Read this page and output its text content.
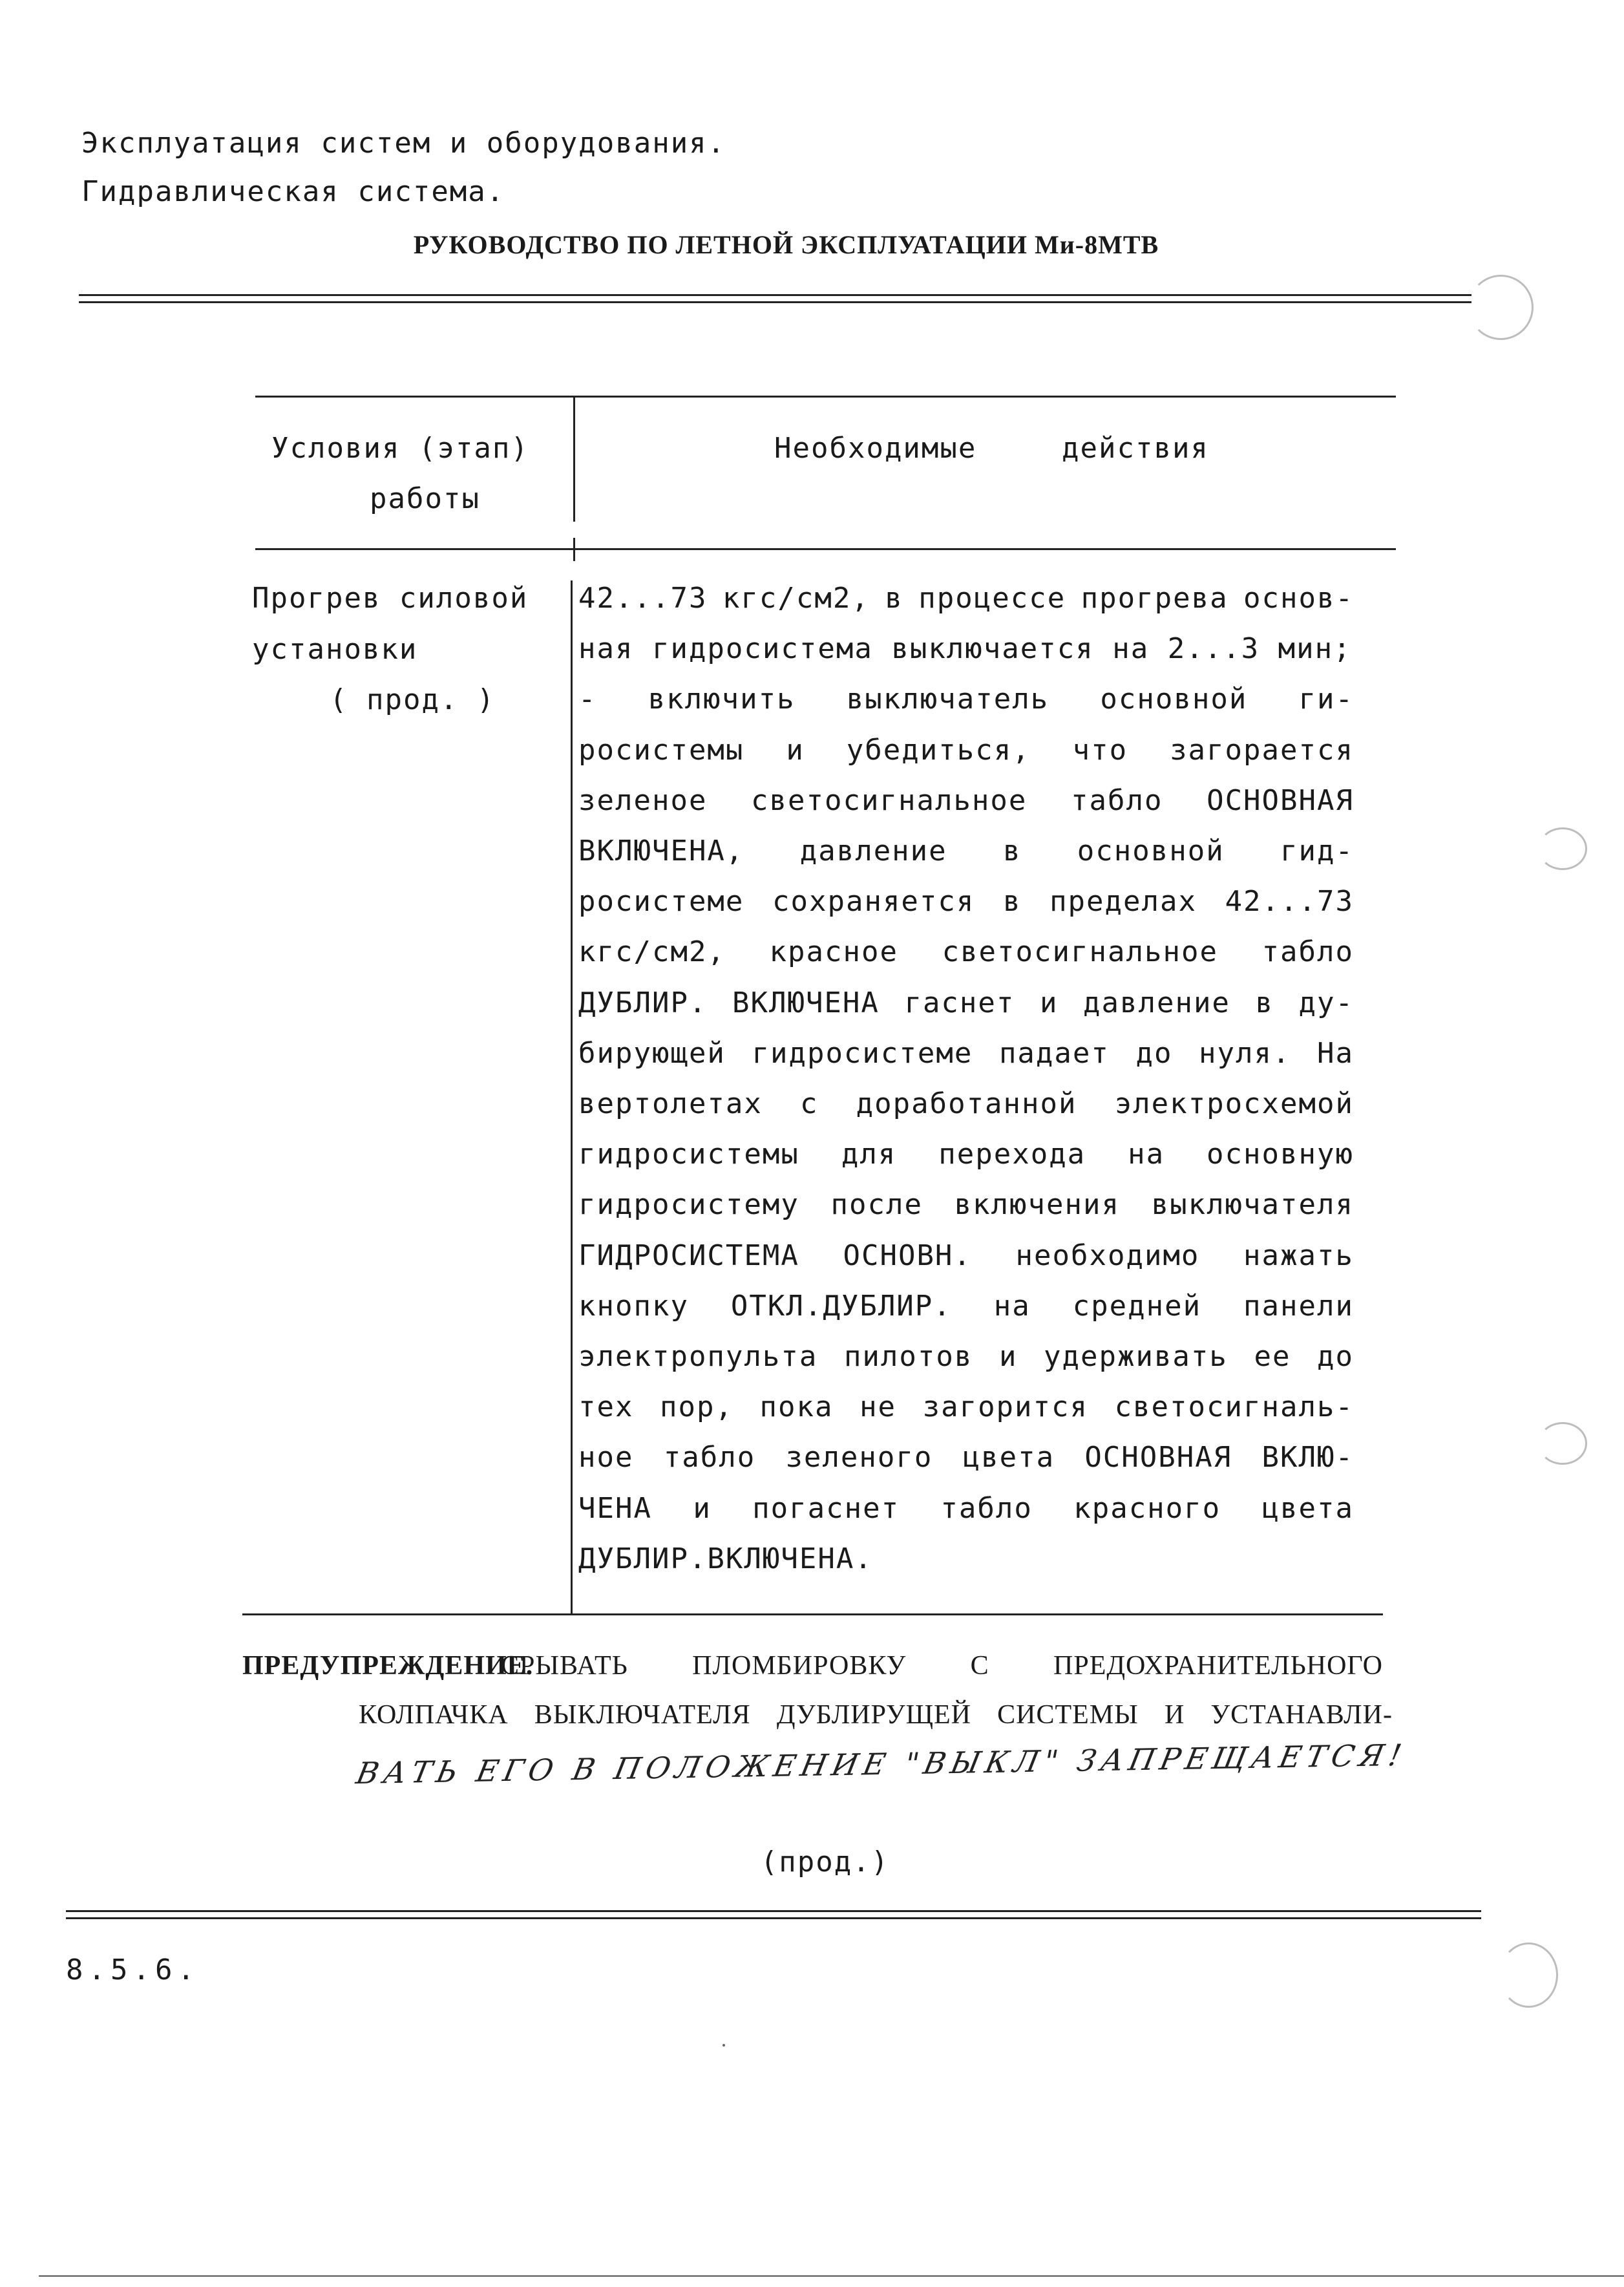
Эксплуатация систем и оборудования.
Гидравлическая система.
РУКОВОДСТВО ПО ЛЕТНОЙ ЭКСПЛУАТАЦИИ Ми-8МТВ
Условия (этап)
работы
Необходимые	действия
Прогрев силовой
установки
( прод. )
42...73 кгс/см2, в процессе прогрева основ-
ная гидросистема выключается на 2...3 мин;
- включить выключатель основной ги-
росистемы и убедиться, что загорается
зеленое светосигнальное табло ОСНОВНАЯ
ВКЛЮЧЕНА, давление в основной гид-
росистеме сохраняется в пределах 42...73
кгс/см2, красное светосигнальное табло
ДУБЛИР. ВКЛЮЧЕНА гаснет и давление в ду-
бирующей гидросистеме падает до нуля. На
вертолетах с доработанной электросхемой
гидросистемы для перехода на основную
гидросистему после включения выключателя
ГИДРОСИСТЕМА ОСНОВН. необходимо нажать
кнопку ОТКЛ.ДУБЛИР. на средней панели
электропульта пилотов и удерживать ее до
тех пор, пока не загорится светосигналь-
ное табло зеленого цвета ОСНОВНАЯ ВКЛЮ-
ЧЕНА и погаснет табло красного цвета
ДУБЛИР.ВКЛЮЧЕНА.
ПРЕДУПРЕЖДЕНИЕ.
СРЫВАТЬ ПЛОМБИРОВКУ С ПРЕДОХРАНИТЕЛЬНОГО
КОЛПАЧКА ВЫКЛЮЧАТЕЛЯ ДУБЛИРУЩЕЙ СИСТЕМЫ И УСТАНАВЛИ-
ВАТЬ ЕГО В ПОЛОЖЕНИЕ "ВЫКЛ" ЗАПРЕЩАЕТСЯ!
(прод.)
8.5.6.
